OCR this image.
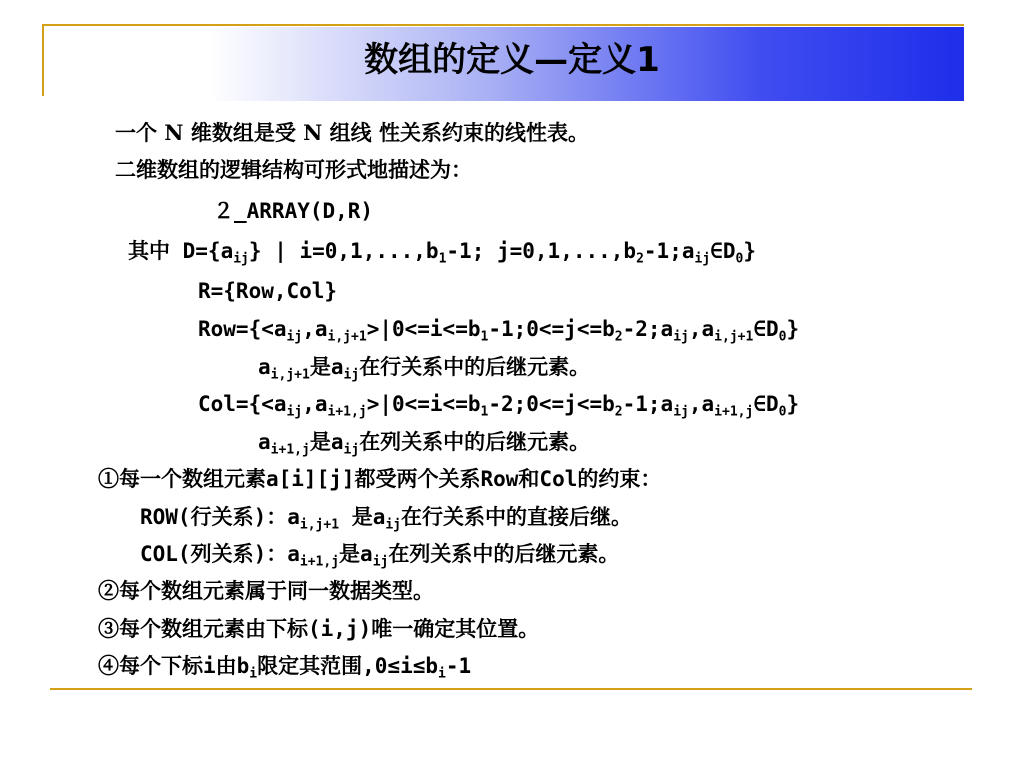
数组的定义—定义1
一个 N 维数组是受 N 组线 性关系约束的线性表。
二维数组的逻辑结构可形式地描述为：
２_ARRAY(D,R)
其中 $D=\{a_{ij}\}$ | $i=0,1,...,b_1-1$; $j=0,1,...,b_2-1;a_{ij}\in D_0$}
R={Row,Col}
$Row=\{<a_{ij},a_{i,j+1}>|0<=i<=b_1-1;0<=j<=b_2-2;a_{ij},a_{i,j+1}\in D_0\}$
$a_{i,j+1}$是$a_{ij}$在行关系中的后继元素。
$Col=\{<a_{ij},a_{i+1,j}>|0<=i<=b_1-2;0<=j<=b_2-1;a_{ij},a_{i+1,j}\in D_0\}$
$a_{i+1,j}$是$a_{ij}$在列关系中的后继元素。
①每一个数组元素a[i][j]都受两个关系Row和Col的约束：
ROW(行关系)：$a_{i,j+1}$ 是$a_{ij}$在行关系中的直接后继。
COL(列关系)：$a_{i+1,j}$是$a_{ij}$在列关系中的后继元素。
②每个数组元素属于同一数据类型。
③每个数组元素由下标(i,j)唯一确定其位置。
④每个下标i由$b_i$限定其范围$,0\le i\le b_i-1$
